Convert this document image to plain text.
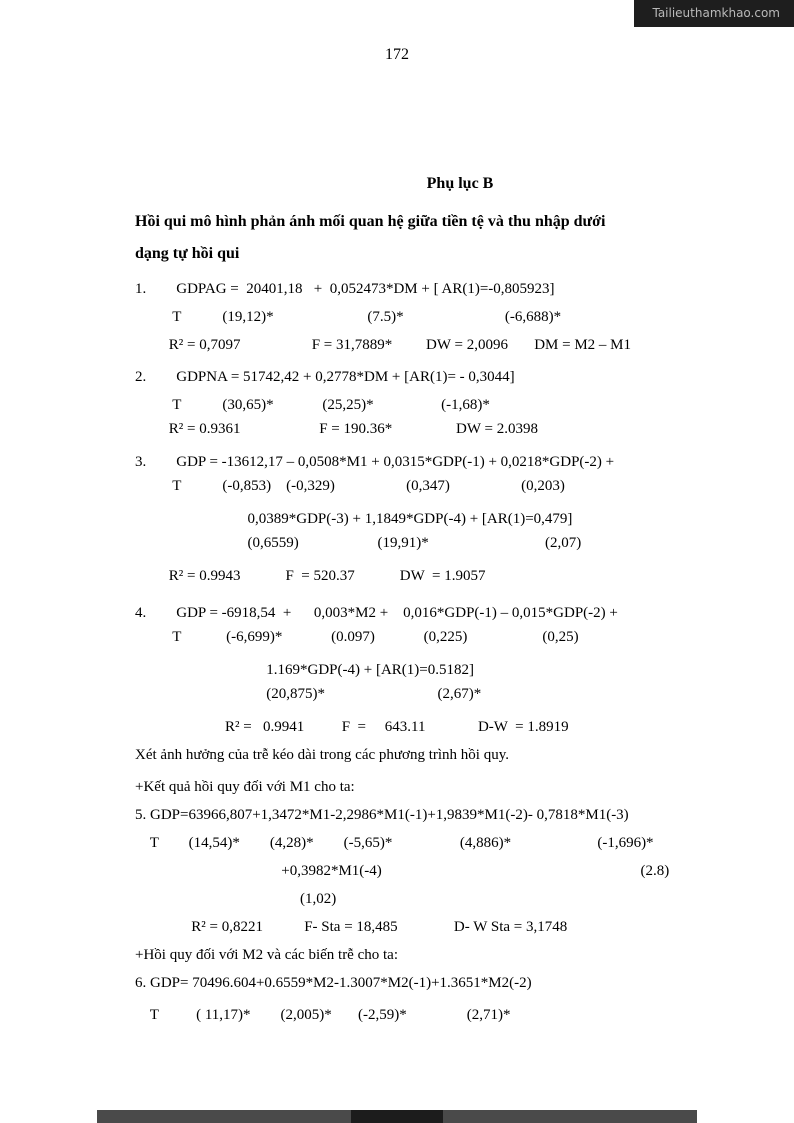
Tailieuthamkhao.com
172
Phụ lục B
Hồi qui mô hình phản ánh mối quan hệ giữa tiền tệ và thu nhập dưới
dạng tự hồi qui
1.        GDPAG =  20401,18   +  0,052473*DM + [ AR(1)=-0,805923]
T           (19,12)*                         (7.5)*                           (-6,688)*
R² = 0,7097                   F = 31,7889*         DW = 2,0096       DM = M2 – M1
2.        GDPNA = 51742,42 + 0,2778*DM + [AR(1)= - 0,3044]
T           (30,65)*             (25,25)*                  (-1,68)*
R² = 0.9361                     F = 190.36*                 DW = 2.0398
3.        GDP = -13612,17 – 0,0508*M1 + 0,0315*GDP(-1) + 0,0218*GDP(-2) +
T           (-0,853)    (-0,329)                   (0,347)                   (0,203)
0,0389*GDP(-3) + 1,1849*GDP(-4) + [AR(1)=0,479]
(0,6559)                     (19,91)*                               (2,07)
R² = 0.9943            F  = 520.37            DW  = 1.9057
4.        GDP = -6918,54  +      0,003*M2 +    0,016*GDP(-1) – 0,015*GDP(-2) +
T            (-6,699)*             (0.097)             (0,225)                    (0,25)
1.169*GDP(-4) + [AR(1)=0.5182]
(20,875)*                              (2,67)*
R² =   0.9941          F  =     643.11              D-W  = 1.8919
Xét ảnh hưởng của trễ kéo dài trong các phương trình hồi quy.
+Kết quả hồi quy đối với M1 cho ta:
5. GDP=63966,807+1,3472*M1-2,2986*M1(-1)+1,9839*M1(-2)- 0,7818*M1(-3)
T        (14,54)*        (4,28)*        (-5,65)*                  (4,886)*                       (-1,696)*
+0,3982*M1(-4)                                                                     (2.8)
(1,02)
R² = 0,8221           F- Sta = 18,485               D- W Sta = 3,1748
+Hồi quy đối với M2 và các biến trễ cho ta:
6. GDP= 70496.604+0.6559*M2-1.3007*M2(-1)+1.3651*M2(-2)
T          ( 11,17)*        (2,005)*       (-2,59)*                (2,71)*
